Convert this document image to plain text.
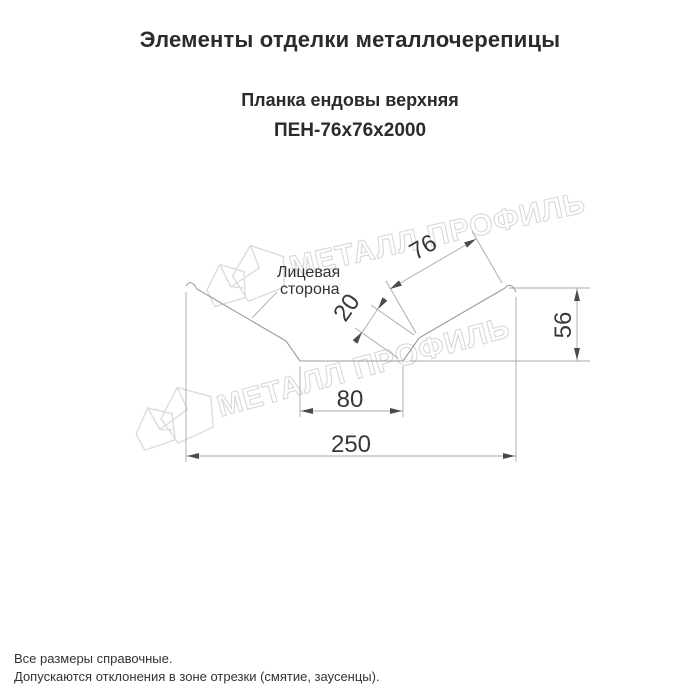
Элементы отделки металлочерепицы
Планка ендовы верхняя
ПЕН-76x76x2000
250
80
56
76
20
Лицевая
сторона
Все размеры справочные.
Допускаются отклонения в зоне отрезки (смятие, заусенцы).
